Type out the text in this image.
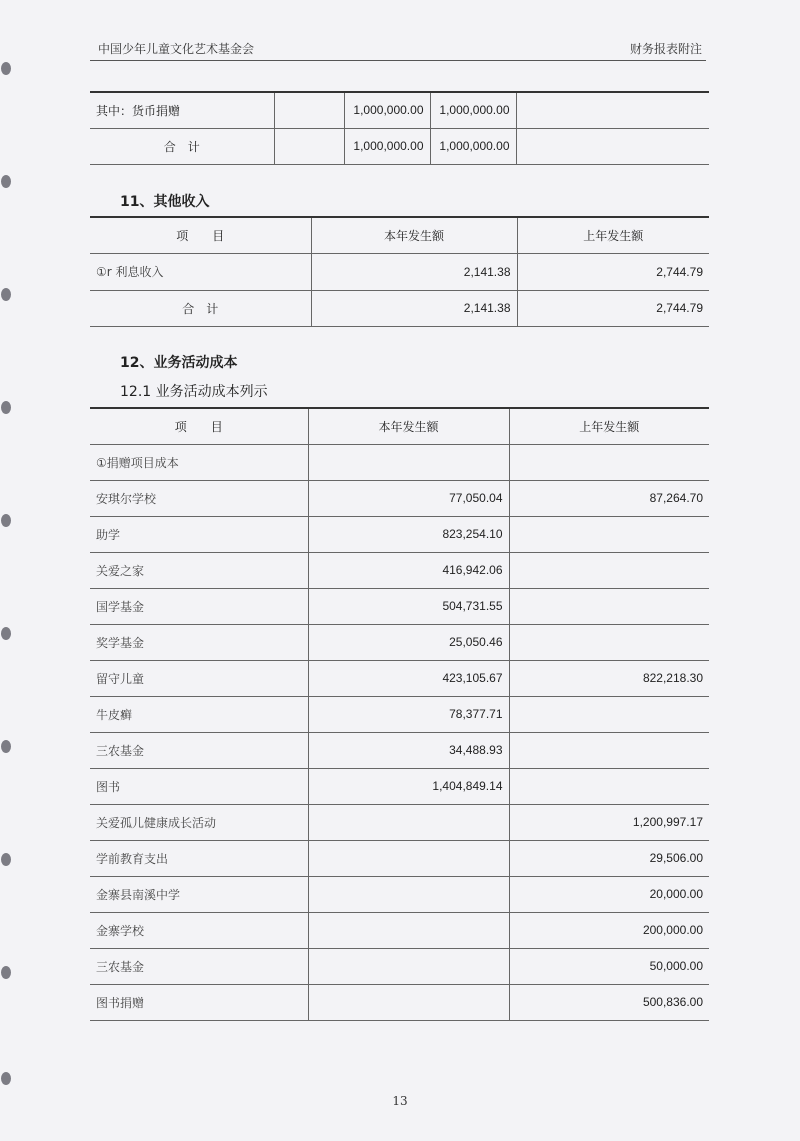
中国少年儿童文化艺术基金会	财务报表附注
其中：货币捐赠		1,000,000.00	1,000,000.00	
合　计		1,000,000.00	1,000,000.00	
11、其他收入
项　　目	本年发生额	上年发生额
①r 利息收入	2,141.38	2,744.79
合　计	2,141.38	2,744.79
12、业务活动成本
12.1 业务活动成本列示
项　　目	本年发生额	上年发生额
①捐赠项目成本		
安琪尔学校	77,050.04	87,264.70
助学	823,254.10	
关爱之家	416,942.06	
国学基金	504,731.55	
奖学基金	25,050.46	
留守儿童	423,105.67	822,218.30
牛皮癣	78,377.71	
三农基金	34,488.93	
图书	1,404,849.14	
关爱孤儿健康成长活动		1,200,997.17
学前教育支出		29,506.00
金寨县南溪中学		20,000.00
金寨学校		200,000.00
三农基金		50,000.00
图书捐赠		500,836.00
13
